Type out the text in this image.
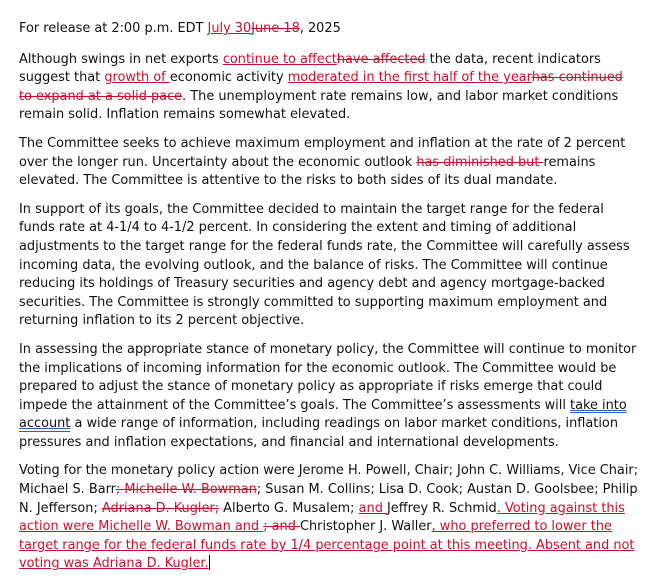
For release at 2:00 p.m. EDT July 30June 18, 2025

Although swings in net exports continue to affecthave affected the data, recent indicators suggest that growth of economic activity moderated in the first half of the yearhas continued to expand at a solid pace. The unemployment rate remains low, and labor market conditions remain solid. Inflation remains somewhat elevated.

The Committee seeks to achieve maximum employment and inflation at the rate of 2 percent over the longer run. Uncertainty about the economic outlook has diminished but remains elevated. The Committee is attentive to the risks to both sides of its dual mandate.

In support of its goals, the Committee decided to maintain the target range for the federal funds rate at 4-1/4 to 4-1/2 percent. In considering the extent and timing of additional adjustments to the target range for the federal funds rate, the Committee will carefully assess incoming data, the evolving outlook, and the balance of risks. The Committee will continue reducing its holdings of Treasury securities and agency debt and agency mortgage-backed securities. The Committee is strongly committed to supporting maximum employment and returning inflation to its 2 percent objective.

In assessing the appropriate stance of monetary policy, the Committee will continue to monitor the implications of incoming information for the economic outlook. The Committee would be prepared to adjust the stance of monetary policy as appropriate if risks emerge that could impede the attainment of the Committee’s goals. The Committee’s assessments will take into account a wide range of information, including readings on labor market conditions, inflation pressures and inflation expectations, and financial and international developments.

Voting for the monetary policy action were Jerome H. Powell, Chair; John C. Williams, Vice Chair; Michael S. Barr; Michelle W. Bowman; Susan M. Collins; Lisa D. Cook; Austan D. Goolsbee; Philip N. Jefferson; Adriana D. Kugler; Alberto G. Musalem; and Jeffrey R. Schmid. Voting against this action were Michelle W. Bowman and ; and Christopher J. Waller, who preferred to lower the target range for the federal funds rate by 1/4 percentage point at this meeting. Absent and not voting was Adriana D. Kugler.
